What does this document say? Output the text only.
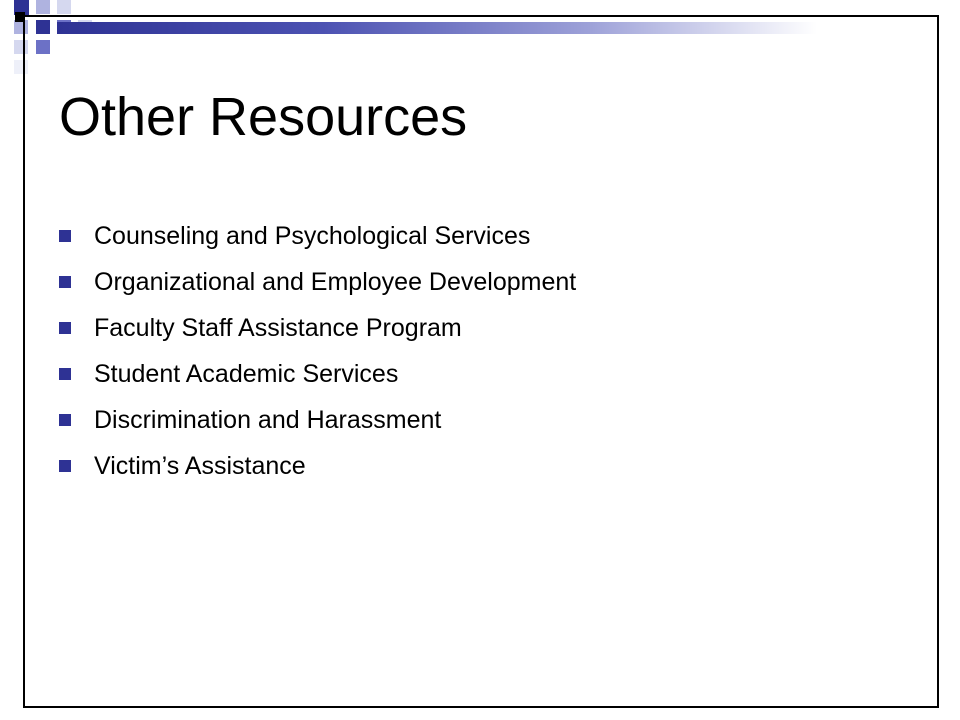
Other Resources
Counseling and Psychological Services
Organizational and Employee Development
Faculty Staff Assistance Program
Student Academic Services
Discrimination and Harassment
Victim’s Assistance
